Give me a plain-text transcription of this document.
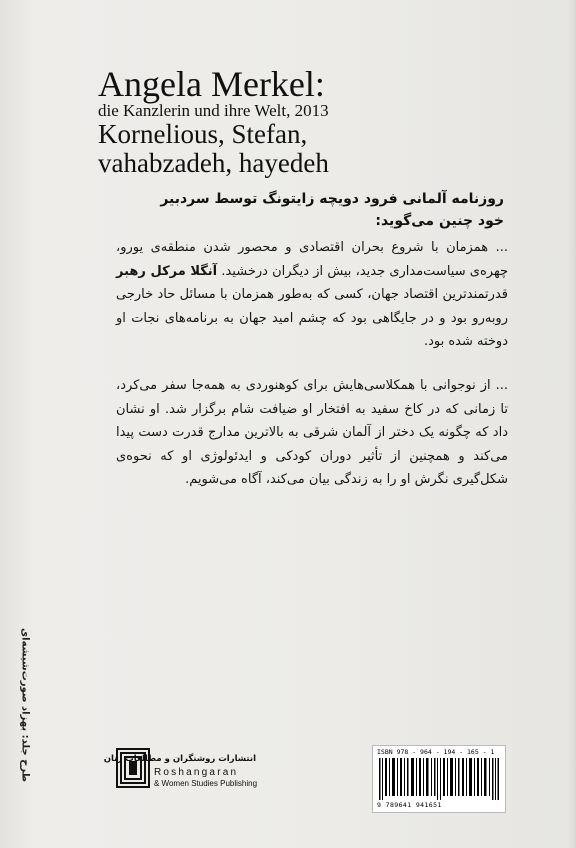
Angela Merkel:
die Kanzlerin und ihre Welt, 2013
Kornelious, Stefan,
vahabzadeh, hayedeh
روزنامه آلمانی فرود دویچه زایتونگ توسط سردبیر خود چنین می‌گوید:
... همزمان با شروع بحران اقتصادی و محصور شدن منطقه‌ی یورو، چهره‌ی سیاست‌مداری جدید، بیش از دیگران درخشید. آنگلا مرکل رهبر قدرتمندترین اقتصاد جهان، کسی که به‌طور همزمان با مسائل حاد خارجی روبه‌رو بود و در جایگاهی بود که چشم امید جهان به برنامه‌های نجات او دوخته شده بود.
... از نوجوانی با همکلاسی‌هایش برای کوهنوردی به همه‌جا سفر می‌کرد، تا زمانی که در کاخ سفید به افتخار او ضیافت شام برگزار شد. او نشان داد که چگونه یک دختر از آلمان شرقی به بالاترین مدارج قدرت دست پیدا می‌کند و همچنین از تأثیر دوران کودکی و ایدئولوژی او که نحوه‌ی شکل‌گیری نگرش او را به زندگی بیان می‌کند، آگاه می‌شویم.
طرح جلد: بهزاد صورت‌شیشه‌ای	انتشارات روشنگران و مطالعات زنان
Roshangaran
& Women Studies Publishing
ISBN 978 - 964 - 194 - 165 - 1
9 789641 941651
